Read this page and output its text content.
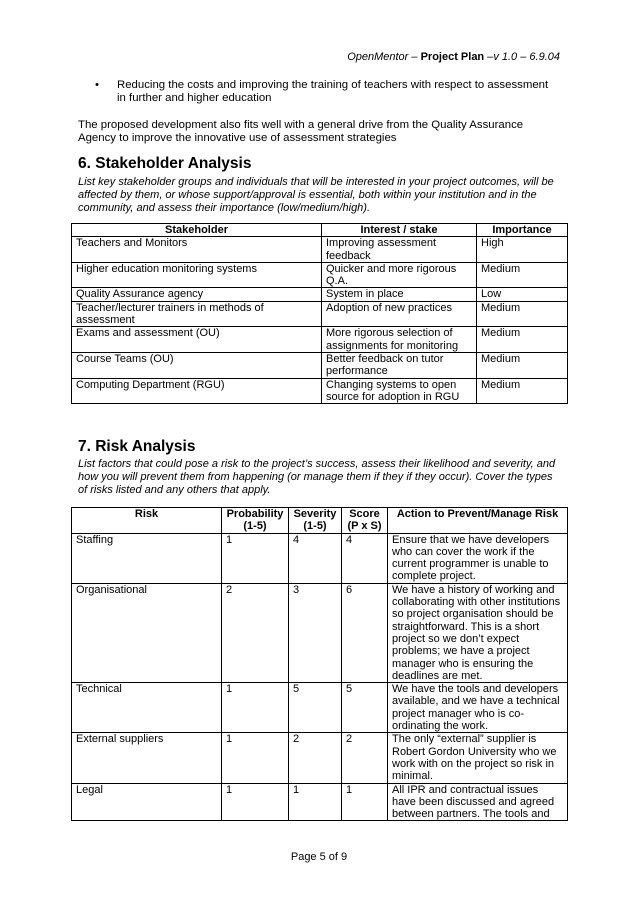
OpenMentor – Project Plan –v 1.0 – 6.9.04
• Reducing the costs and improving the training of teachers with respect to assessment in further and higher education
The proposed development also fits well with a general drive from the Quality Assurance Agency to improve the innovative use of assessment strategies
6. Stakeholder Analysis
List key stakeholder groups and individuals that will be interested in your project outcomes, will be affected by them, or whose support/approval is essential, both within your institution and in the community, and assess their importance (low/medium/high).
Stakeholder	Interest / stake	Importance
Teachers and Monitors	Improving assessment feedback	High
Higher education monitoring systems	Quicker and more rigorous Q.A.	Medium
Quality Assurance agency	System in place	Low
Teacher/lecturer trainers in methods of assessment	Adoption of new practices	Medium
Exams and assessment (OU)	More rigorous selection of assignments for monitoring	Medium
Course Teams (OU)	Better feedback on tutor performance	Medium
Computing Department (RGU)	Changing systems to open source for adoption in RGU	Medium
7. Risk Analysis
List factors that could pose a risk to the project’s success, assess their likelihood and severity, and how you will prevent them from happening (or manage them if they if they occur). Cover the types of risks listed and any others that apply.
Risk	Probability (1-5)	Severity (1-5)	Score (P x S)	Action to Prevent/Manage Risk
Staffing	1	4	4	Ensure that we have developers who can cover the work if the current programmer is unable to complete project.
Organisational	2	3	6	We have a history of working and collaborating with other institutions so project organisation should be straightforward. This is a short project so we don’t expect problems; we have a project manager who is ensuring the deadlines are met.
Technical	1	5	5	We have the tools and developers available, and we have a technical project manager who is co-ordinating the work.
External suppliers	1	2	2	The only “external” supplier is Robert Gordon University who we work with on the project so risk in minimal.
Legal	1	1	1	All IPR and contractual issues have been discussed and agreed between partners. The tools and
Page 5 of 9
